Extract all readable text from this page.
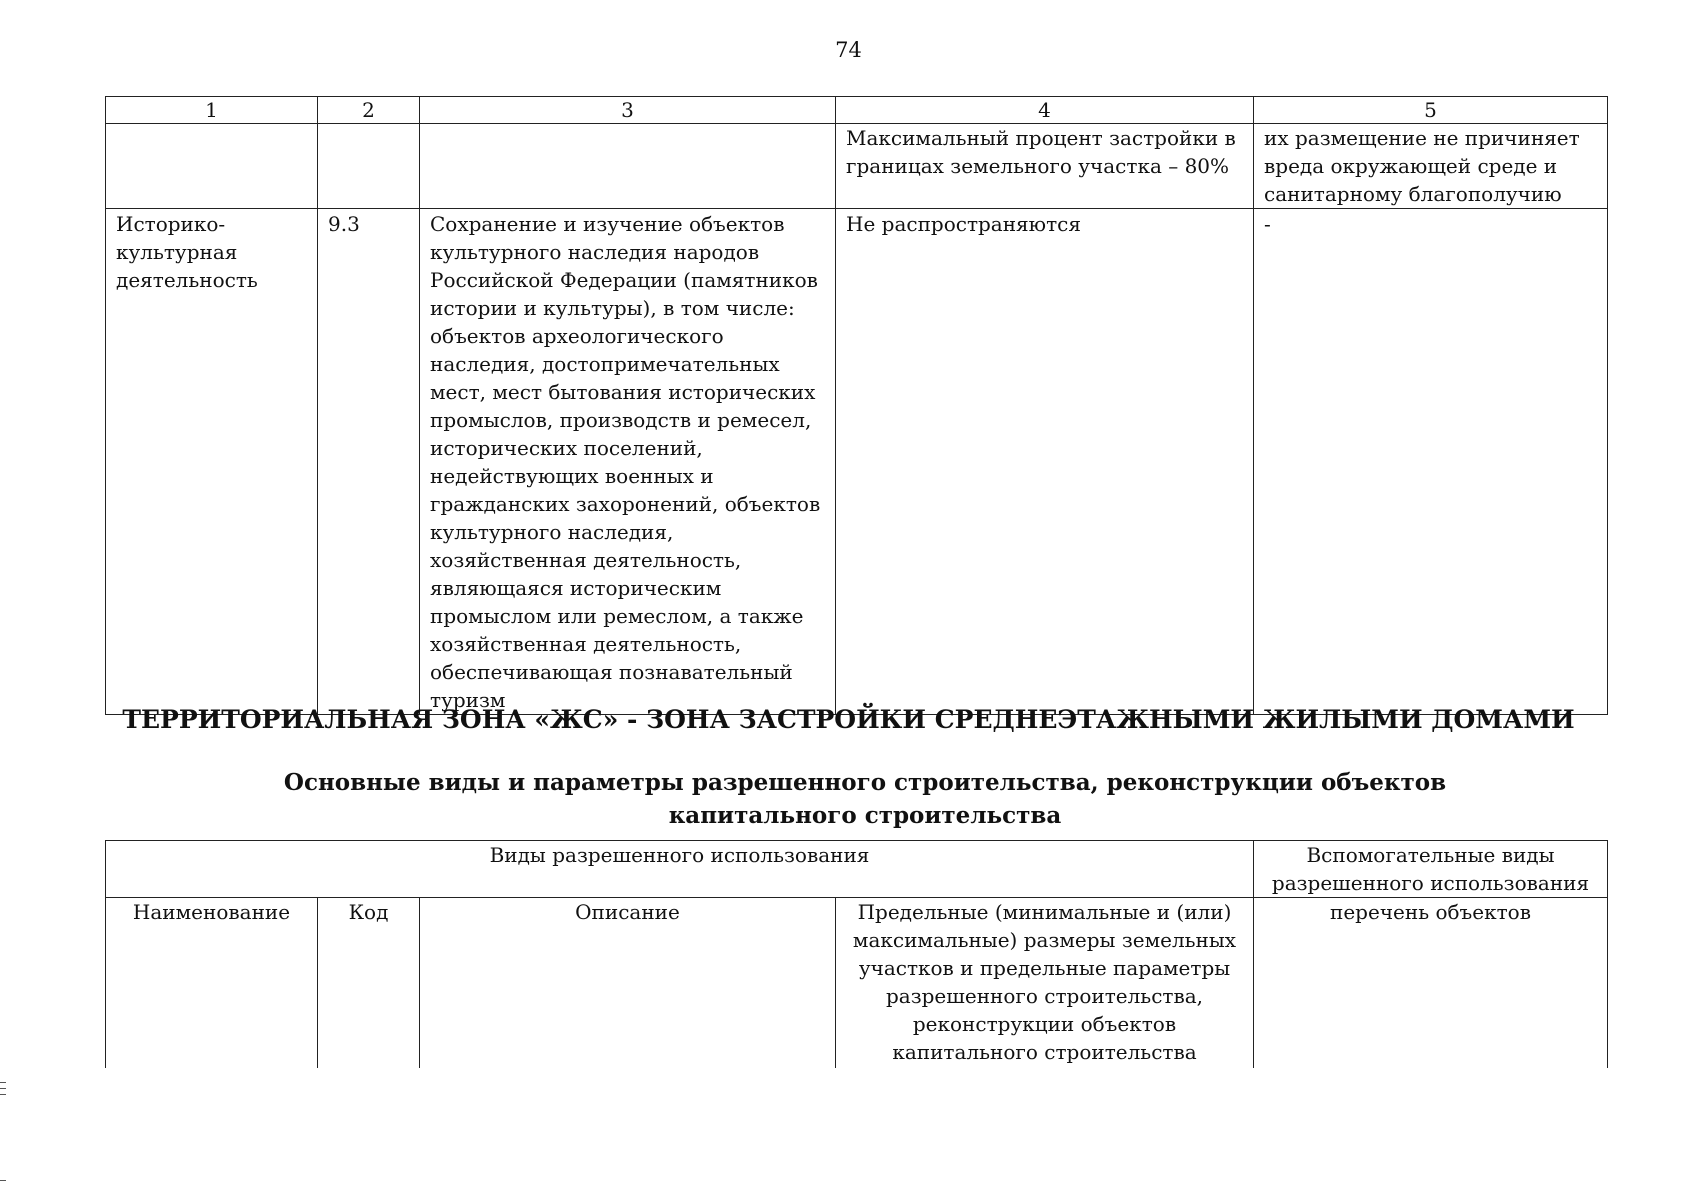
74
1	2	3	4	5
			Максимальный процент застройки в границах земельного участка – 80%	их размещение не причиняет вреда окружающей среде и санитарному благополучию
Историко-культурная деятельность	9.3	Сохранение и изучение объектов культурного наследия народов Российской Федерации (памятников истории и культуры), в том числе: объектов археологического наследия, достопримечательных мест, мест бытования исторических промыслов, производств и ремесел, исторических поселений, недействующих военных и гражданских захоронений, объектов культурного наследия, хозяйственная деятельность, являющаяся историческим промыслом или ремеслом, а также хозяйственная деятельность, обеспечивающая познавательный туризм	Не распространяются	-
ТЕРРИТОРИАЛЬНАЯ ЗОНА «ЖС» - ЗОНА ЗАСТРОЙКИ СРЕДНЕЭТАЖНЫМИ ЖИЛЫМИ ДОМАМИ
Основные виды и параметры разрешенного строительства, реконструкции объектов капитального строительства
Виды разрешенного использования				Вспомогательные виды разрешенного использования
Наименование	Код	Описание	Предельные (минимальные и (или) максимальные) размеры земельных участков и предельные параметры разрешенного строительства, реконструкции объектов капитального строительства	перечень объектов
